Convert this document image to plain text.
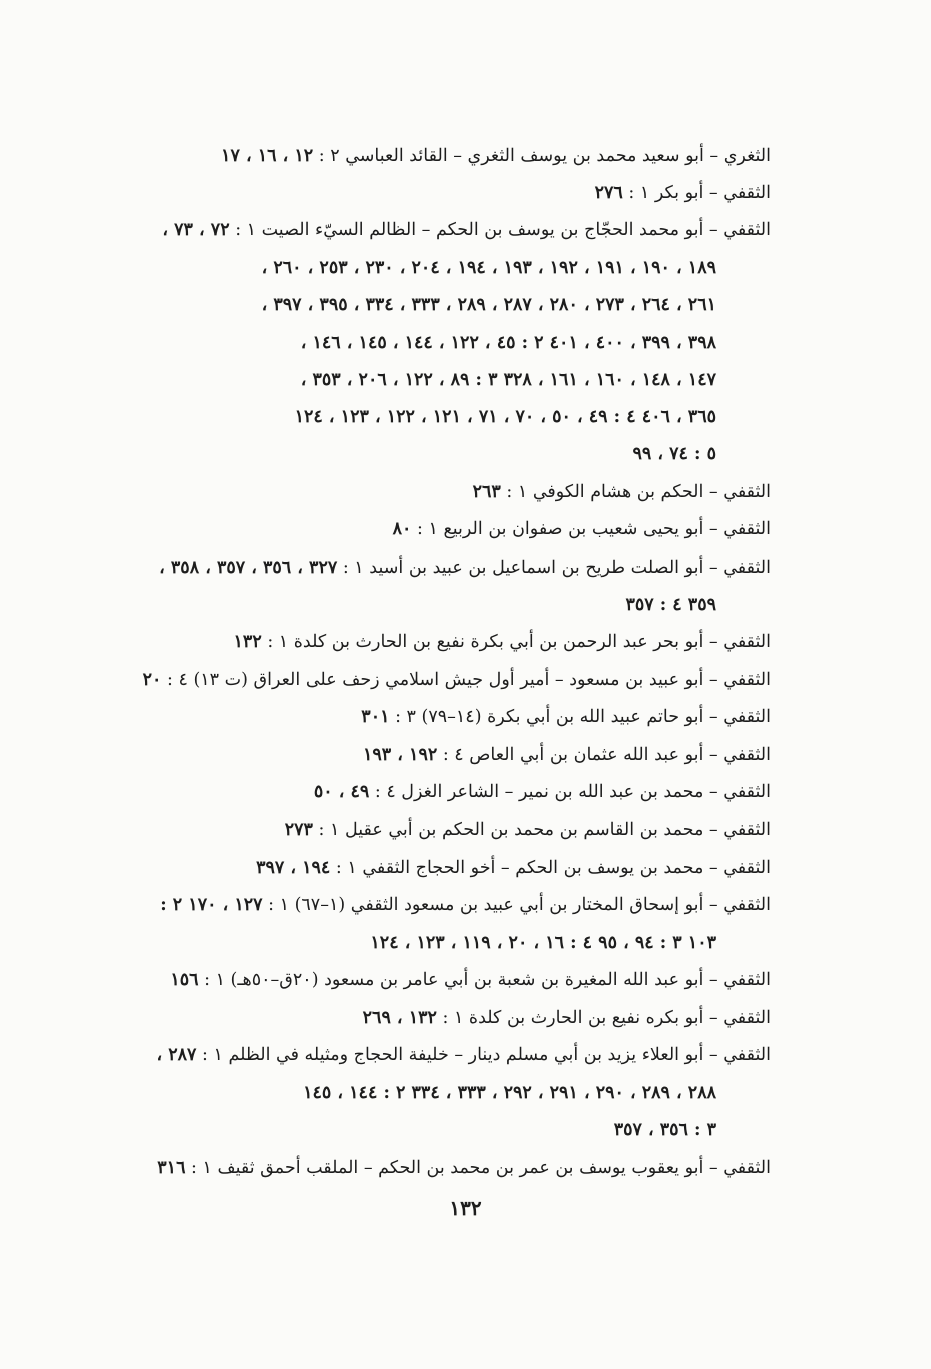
الثغري – أبو سعيد محمد بن يوسف الثغري – القائد العباسي ٢ : ١٢ ، ١٦ ، ١٧
الثقفي – أبو بكر ١ : ٢٧٦
الثقفي – أبو محمد الحجّاج بن يوسف بن الحكم – الظالم السيّء الصيت ١ : ٧٢ ، ٧٣ ،
١٨٩ ، ١٩٠ ، ١٩١ ، ١٩٢ ، ١٩٣ ، ١٩٤ ، ٢٠٤ ، ٢٣٠ ، ٢٥٣ ، ٢٦٠ ،
٢٦١ ، ٢٦٤ ، ٢٧٣ ، ٢٨٠ ، ٢٨٧ ، ٢٨٩ ، ٣٣٣ ، ٣٣٤ ، ٣٩٥ ، ٣٩٧ ،
٣٩٨ ، ٣٩٩ ، ٤٠٠ ، ٤٠١ ٢ : ٤٥ ، ١٢٢ ، ١٤٤ ، ١٤٥ ، ١٤٦ ،
١٤٧ ، ١٤٨ ، ١٦٠ ، ١٦١ ، ٣٢٨ ٣ : ٨٩ ، ١٢٢ ، ٢٠٦ ، ٣٥٣ ،
٣٦٥ ، ٤٠٦ ٤ : ٤٩ ، ٥٠ ، ٧٠ ، ٧١ ، ١٢١ ، ١٢٢ ، ١٢٣ ، ١٢٤
٥ : ٧٤ ، ٩٩
الثقفي – الحكم بن هشام الكوفي ١ : ٢٦٣
الثقفي – أبو يحيى شعيب بن صفوان بن الربيع ١ : ٨٠
الثقفي – أبو الصلت طريح بن اسماعيل بن عبيد بن أسيد ١ : ٣٢٧ ، ٣٥٦ ، ٣٥٧ ، ٣٥٨ ،
٣٥٩ ٤ : ٣٥٧
الثقفي – أبو بحر عبد الرحمن بن أبي بكرة نفيع بن الحارث بن كلدة ١ : ١٣٢
الثقفي – أبو عبيد بن مسعود – أمير أول جيش اسلامي زحف على العراق (ت ١٣) ٤ : ٢٠
الثقفي – أبو حاتم عبيد الله بن أبي بكرة (١٤–٧٩) ٣ : ٣٠١
الثقفي – أبو عبد الله عثمان بن أبي العاص ٤ : ١٩٢ ، ١٩٣
الثقفي – محمد بن عبد الله بن نمير – الشاعر الغزل ٤ : ٤٩ ، ٥٠
الثقفي – محمد بن القاسم بن محمد بن الحكم بن أبي عقيل ١ : ٢٧٣
الثقفي – محمد بن يوسف بن الحكم – أخو الحجاج الثقفي ١ : ١٩٤ ، ٣٩٧
الثقفي – أبو إسحاق المختار بن أبي عبيد بن مسعود الثقفي (١–٦٧) ١ : ١٢٧ ، ١٧٠ ٢ :
١٠٣ ٣ : ٩٤ ، ٩٥ ٤ : ١٦ ، ٢٠ ، ١١٩ ، ١٢٣ ، ١٢٤
الثقفي – أبو عبد الله المغيرة بن شعبة بن أبي عامر بن مسعود (٢٠ق–٥٠هـ) ١ : ١٥٦
الثقفي – أبو بكره نفيع بن الحارث بن كلدة ١ : ١٣٢ ، ٢٦٩
الثقفي – أبو العلاء يزيد بن أبي مسلم دينار – خليفة الحجاج ومثيله في الظلم ١ : ٢٨٧ ،
٢٨٨ ، ٢٨٩ ، ٢٩٠ ، ٢٩١ ، ٢٩٢ ، ٣٣٣ ، ٣٣٤ ٢ : ١٤٤ ، ١٤٥
٣ : ٣٥٦ ، ٣٥٧
الثقفي – أبو يعقوب يوسف بن عمر بن محمد بن الحكم – الملقب أحمق ثقيف ١ : ٣١٦
١٣٢
